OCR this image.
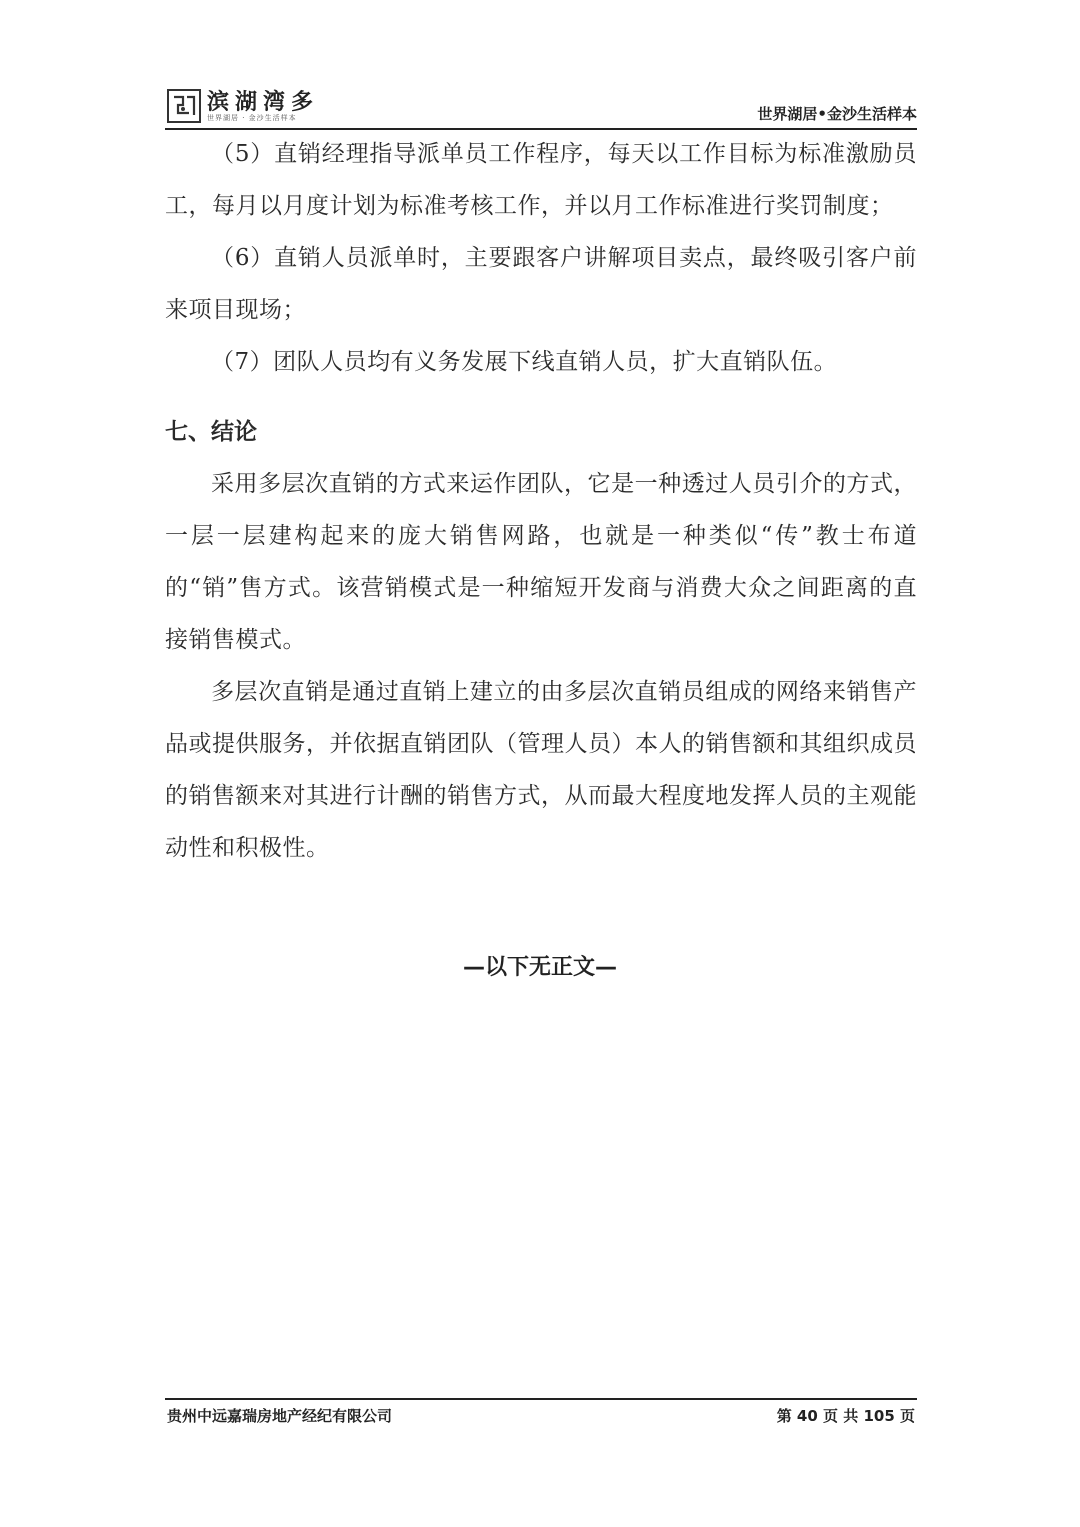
滨湖湾多
世界湖居 · 金沙生活样本	世界湖居•金沙生活样本

（5）直销经理指导派单员工作程序，每天以工作目标为标准激励员工，每月以月度计划为标准考核工作，并以月工作标准进行奖罚制度；

（6）直销人员派单时，主要跟客户讲解项目卖点，最终吸引客户前来项目现场；

（7）团队人员均有义务发展下线直销人员，扩大直销队伍。

七、结论

采用多层次直销的方式来运作团队，它是一种透过人员引介的方式，一层一层建构起来的庞大销售网路，也就是一种类似“传”教士布道的“销”售方式。该营销模式是一种缩短开发商与消费大众之间距离的直接销售模式。

多层次直销是通过直销上建立的由多层次直销员组成的网络来销售产品或提供服务，并依据直销团队（管理人员）本人的销售额和其组织成员的销售额来对其进行计酬的销售方式，从而最大程度地发挥人员的主观能动性和积极性。

—以下无正文—
贵州中远嘉瑞房地产经纪有限公司	第 40 页 共 105 页
